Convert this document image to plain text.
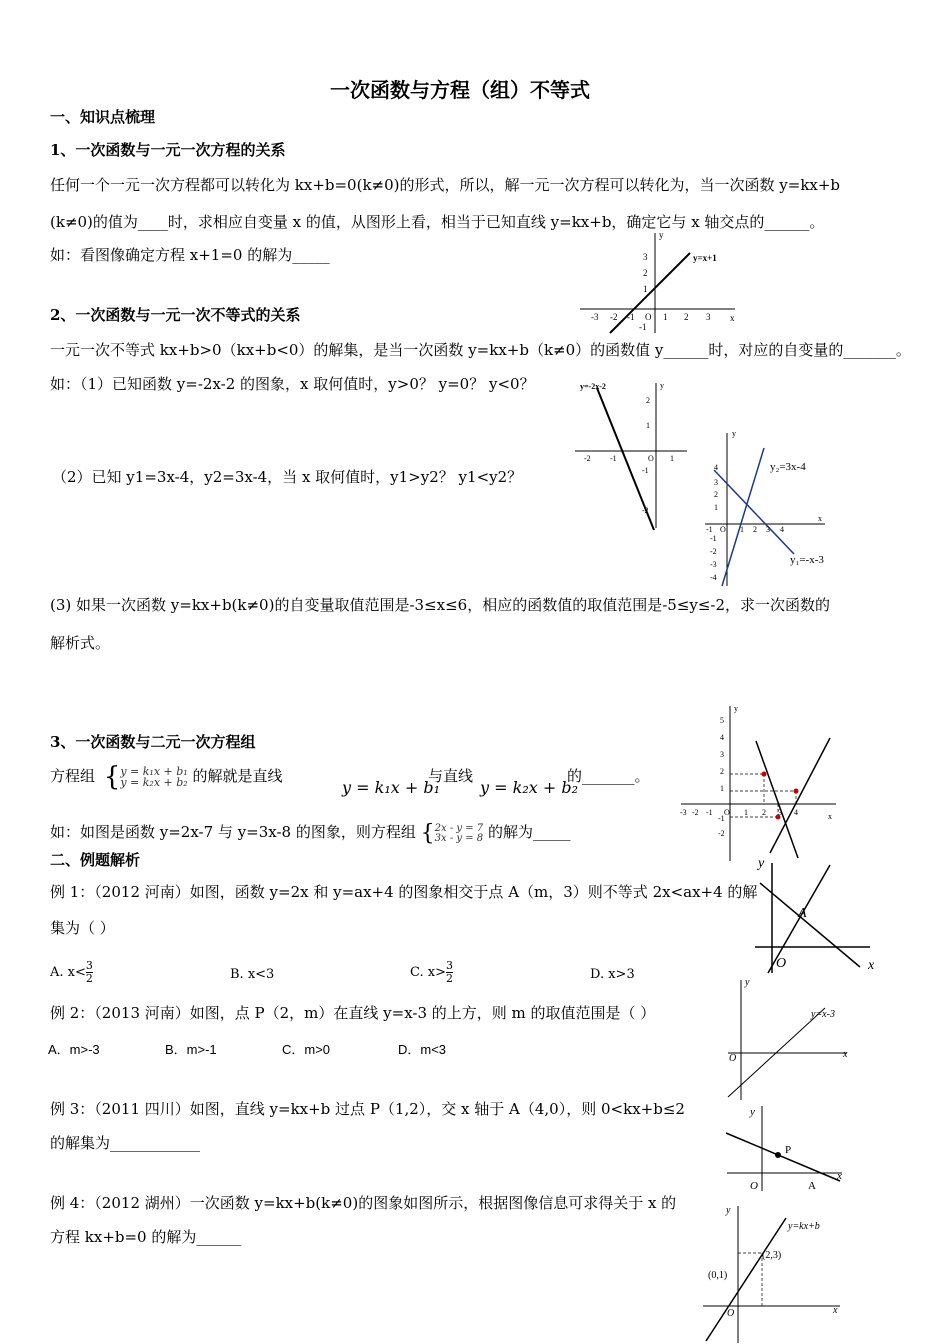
一次函数与方程（组）不等式
一、知识点梳理
1、一次函数与一元一次方程的关系
任何一个一元一次方程都可以转化为 kx+b=0(k≠0)的形式，所以，解一元一次方程可以转化为，当一次函数 y=kx+b
(k≠0)的值为____时，求相应自变量 x 的值，从图形上看，相当于已知直线 y=kx+b，确定它与 x 轴交点的______。
如：看图像确定方程 x+1=0 的解为_____
2、一次函数与一元一次不等式的关系
一元一次不等式 kx+b>0（kx+b<0）的解集，是当一次函数 y=kx+b（k≠0）的函数值 y______时，对应的自变量的_______。
如：（1）已知函数 y=-2x-2 的图象，x 取何值时，y>0？ y=0？ y<0？
（2）已知 y1=3x-4，y2=3x-4，当 x 取何值时，y1>y2？ y1<y2？
(3) 如果一次函数 y=kx+b(k≠0)的自变量取值范围是-3≤x≤6，相应的函数值的取值范围是-5≤y≤-2，求一次函数的
解析式。
3、一次函数与二元一次方程组
方程组 { y = k₁x + b₁
y = k₂x + b₂ 的解就是直线
y = k₁x + b₁
与直线
y = k₂x + b₂
的_______。
如：如图是函数 y=2x-7 与 y=3x-8 的图象，则方程组 { 2x - y = 7
3x - y = 8 的解为_____
二、例题解析
例 1：（2012 河南）如图，函数 y=2x 和 y=ax+4 的图象相交于点 A（m，3）则不等式 2x<ax+4 的解
集为（ ）
A. $x< \frac{3}{2}$	B. x<3	C. $x> \frac{3}{2}$	D. x>3
例 2：（2013 河南）如图，点 P（2，m）在直线 y=x-3 的上方，则 m 的取值范围是（ ）
A．m>-3	B．m>-1	C．m>0	D．m<3
例 3：（2011 四川）如图，直线 y=kx+b 过点 P（1,2），交 x 轴于 A（4,0），则 0<kx+b≤2
的解集为____________
例 4：（2012 湖州）一次函数 y=kx+b(k≠0)的图象如图所示，根据图像信息可求得关于 x 的
方程 kx+b=0 的解为______
y
x
-3 -2 -1 O 1 2 3
3
2
1
-1
y=x+1
y=-2x-2	y
-2 -1	O 1
2
1
-1
-2
y
x
-1 O 1 2 3 4
4
3
2
1
-1
-2
-3
-4
y₂=3x-4
y₁=-x-3
y
x
5
4
3
2
1
-1
-2
-3 -2 -1 O 1 2 3 4
y
x
O
A
y
x
O
y=x-3
y
x
O
P
A
y
x
O
y=kx+b
(0,1)
(2,3)
